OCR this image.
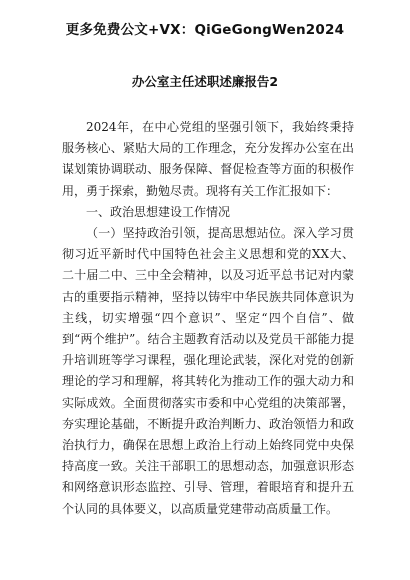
更多免费公文+VX：QiGeGongWen2024
办公室主任述职述廉报告2

2024年，在中心党组的坚强引领下，我始终秉持服务核心、紧贴大局的工作理念，充分发挥办公室在出谋划策协调联动、服务保障、督促检查等方面的积极作用，勇于探索，勤勉尽责。现将有关工作汇报如下：

一、政治思想建设工作情况

（一）坚持政治引领，提高思想站位。深入学习贯彻习近平新时代中国特色社会主义思想和党的XX大、二十届二中、三中全会精神，以及习近平总书记对内蒙古的重要指示精神，坚持以铸牢中华民族共同体意识为主线，切实增强“四个意识”、坚定“四个自信”、做到“两个维护”。结合主题教育活动以及党员干部能力提升培训班等学习课程，强化理论武装，深化对党的创新理论的学习和理解，将其转化为推动工作的强大动力和实际成效。全面贯彻落实市委和中心党组的决策部署，夯实理论基础，不断提升政治判断力、政治领悟力和政治执行力，确保在思想上政治上行动上始终同党中央保持高度一致。关注干部职工的思想动态，加强意识形态和网络意识形态监控、引导、管理，着眼培育和提升五个认同的具体要义，以高质量党建带动高质量工作。
